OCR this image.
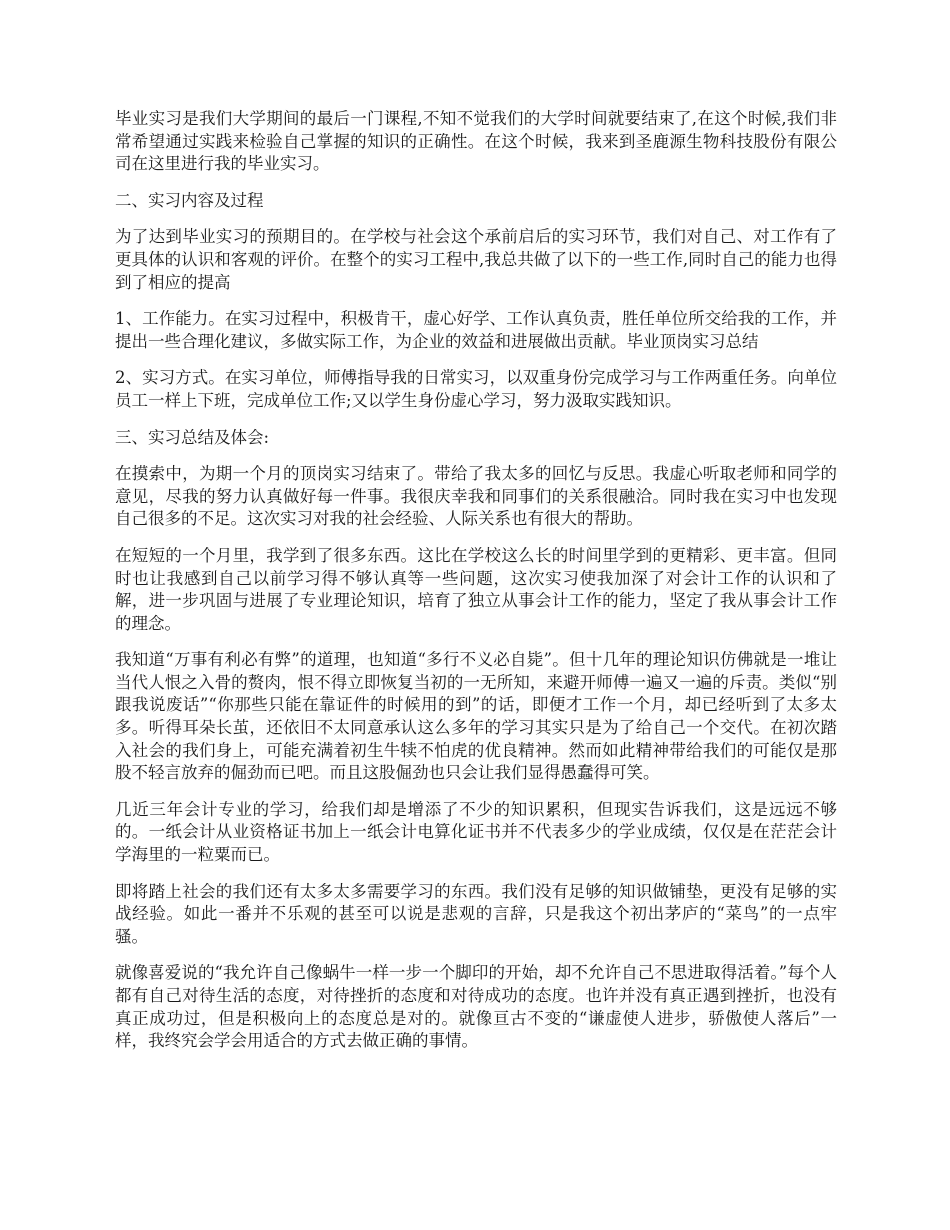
毕业实习是我们大学期间的最后一门课程,不知不觉我们的大学时间就要结束了,在这个时候,我们非常希望通过实践来检验自己掌握的知识的正确性。在这个时候，我来到圣鹿源生物科技股份有限公司在这里进行我的毕业实习。

二、实习内容及过程

为了达到毕业实习的预期目的。在学校与社会这个承前启后的实习环节，我们对自己、对工作有了更具体的认识和客观的评价。在整个的实习工程中,我总共做了以下的一些工作,同时自己的能力也得到了相应的提高

1、工作能力。在实习过程中，积极肯干，虚心好学、工作认真负责，胜任单位所交给我的工作，并提出一些合理化建议，多做实际工作，为企业的效益和进展做出贡献。毕业顶岗实习总结

2、实习方式。在实习单位，师傅指导我的日常实习，以双重身份完成学习与工作两重任务。向单位员工一样上下班，完成单位工作;又以学生身份虚心学习，努力汲取实践知识。

三、实习总结及体会:

在摸索中，为期一个月的顶岗实习结束了。带给了我太多的回忆与反思。我虚心听取老师和同学的意见，尽我的努力认真做好每一件事。我很庆幸我和同事们的关系很融洽。同时我在实习中也发现自己很多的不足。这次实习对我的社会经验、人际关系也有很大的帮助。

在短短的一个月里，我学到了很多东西。这比在学校这么长的时间里学到的更精彩、更丰富。但同时也让我感到自己以前学习得不够认真等一些问题，这次实习使我加深了对会计工作的认识和了解，进一步巩固与进展了专业理论知识，培育了独立从事会计工作的能力，坚定了我从事会计工作的理念。

我知道“万事有利必有弊”的道理，也知道“多行不义必自毙”。但十几年的理论知识仿佛就是一堆让当代人恨之入骨的赘肉，恨不得立即恢复当初的一无所知，来避开师傅一遍又一遍的斥责。类似“别跟我说废话”“你那些只能在靠证件的时候用的到”的话，即便才工作一个月，却已经听到了太多太多。听得耳朵长茧，还依旧不太同意承认这么多年的学习其实只是为了给自己一个交代。在初次踏入社会的我们身上，可能充满着初生牛犊不怕虎的优良精神。然而如此精神带给我们的可能仅是那股不轻言放弃的倔劲而已吧。而且这股倔劲也只会让我们显得愚蠢得可笑。

几近三年会计专业的学习，给我们却是增添了不少的知识累积，但现实告诉我们，这是远远不够的。一纸会计从业资格证书加上一纸会计电算化证书并不代表多少的学业成绩，仅仅是在茫茫会计学海里的一粒粟而已。

即将踏上社会的我们还有太多太多需要学习的东西。我们没有足够的知识做铺垫，更没有足够的实战经验。如此一番并不乐观的甚至可以说是悲观的言辞，只是我这个初出茅庐的“菜鸟”的一点牢骚。

就像喜爱说的“我允许自己像蜗牛一样一步一个脚印的开始，却不允许自己不思进取得活着。”每个人都有自己对待生活的态度，对待挫折的态度和对待成功的态度。也许并没有真正遇到挫折，也没有真正成功过，但是积极向上的态度总是对的。就像亘古不变的“谦虚使人进步，骄傲使人落后”一样，我终究会学会用适合的方式去做正确的事情。
